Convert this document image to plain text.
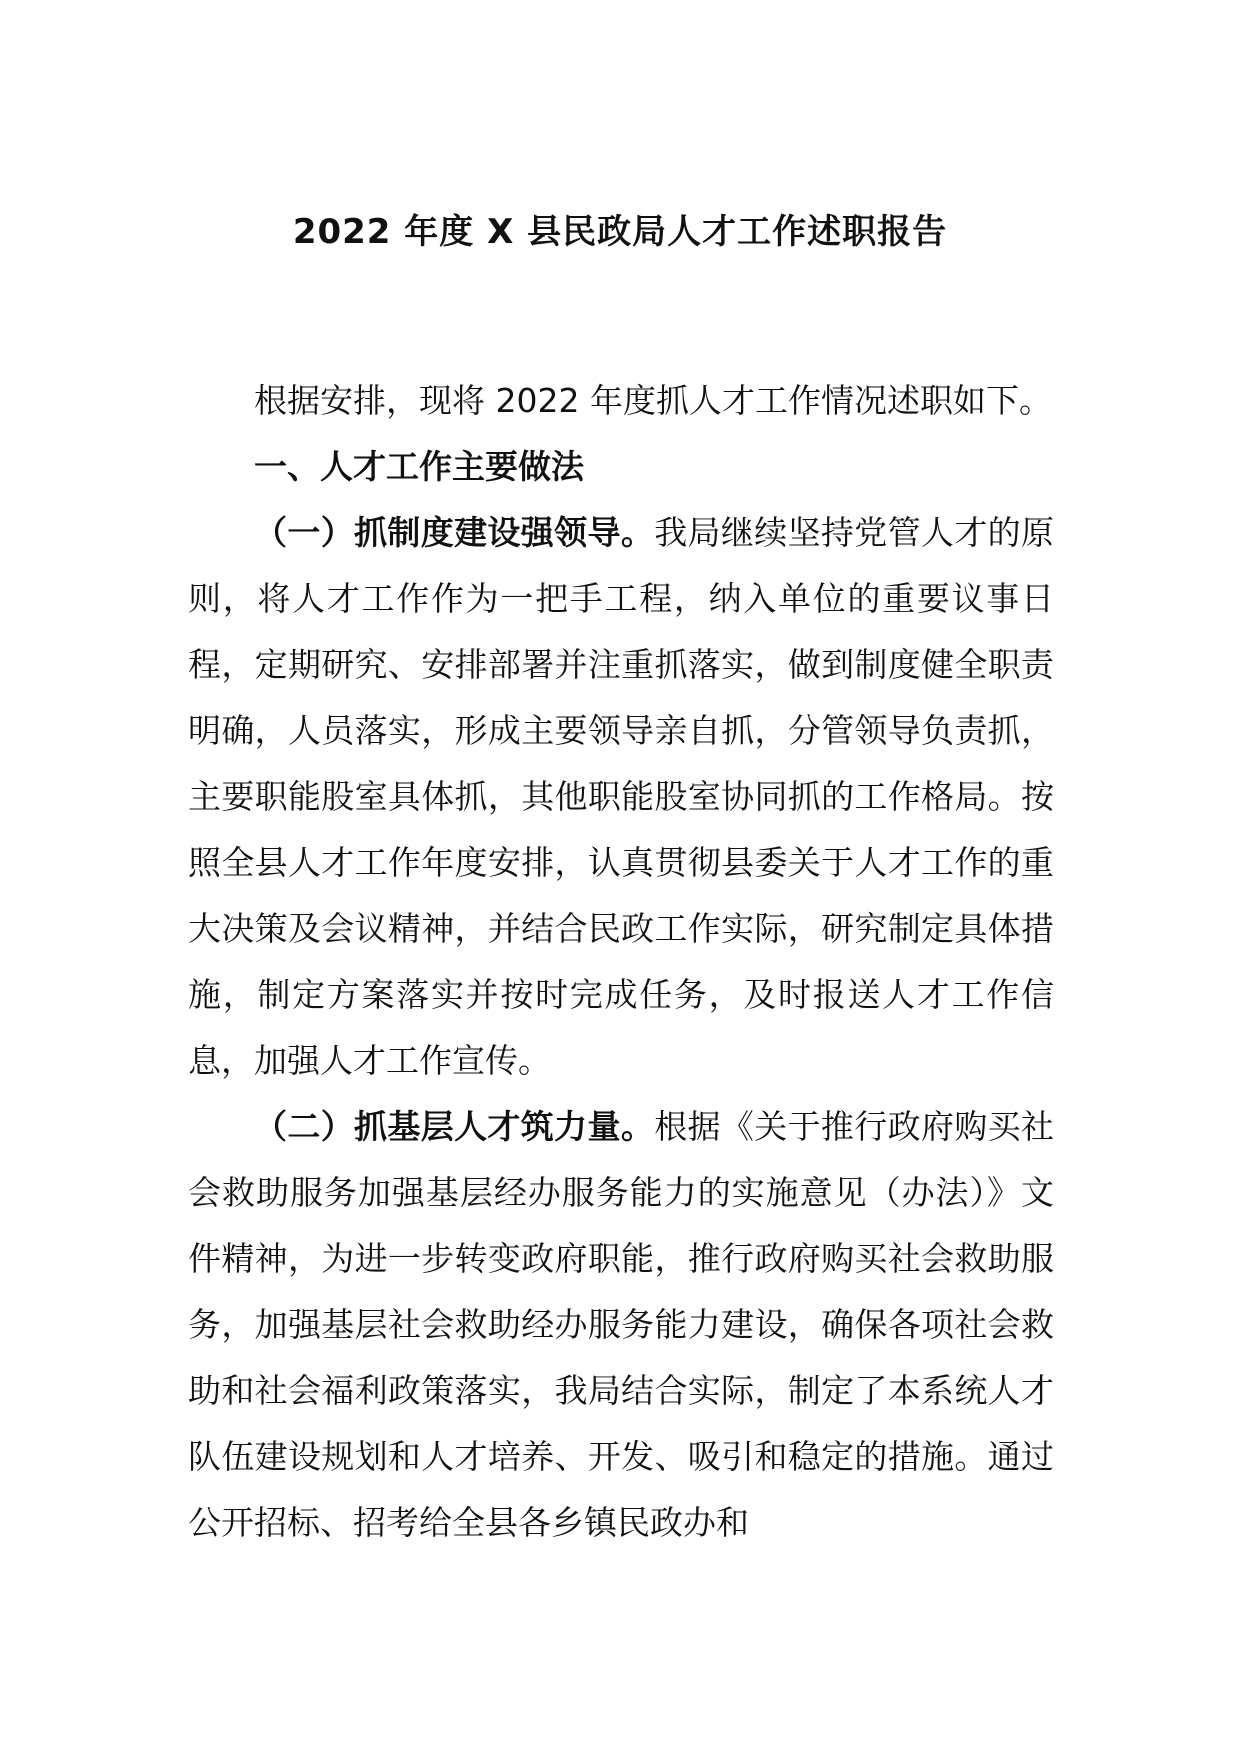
2022 年度 X 县民政局人才工作述职报告

根据安排，现将 2022 年度抓人才工作情况述职如下。

一、人才工作主要做法

（一）抓制度建设强领导。我局继续坚持党管人才的原则，将人才工作作为一把手工程，纳入单位的重要议事日程，定期研究、安排部署并注重抓落实，做到制度健全职责明确，人员落实，形成主要领导亲自抓，分管领导负责抓，主要职能股室具体抓，其他职能股室协同抓的工作格局。按照全县人才工作年度安排，认真贯彻县委关于人才工作的重大决策及会议精神，并结合民政工作实际，研究制定具体措施，制定方案落实并按时完成任务，及时报送人才工作信息，加强人才工作宣传。

（二）抓基层人才筑力量。根据《关于推行政府购买社会救助服务加强基层经办服务能力的实施意见（办法）》文件精神，为进一步转变政府职能，推行政府购买社会救助服务，加强基层社会救助经办服务能力建设，确保各项社会救助和社会福利政策落实，我局结合实际，制定了本系统人才队伍建设规划和人才培养、开发、吸引和稳定的措施。通过公开招标、招考给全县各乡镇民政办和
